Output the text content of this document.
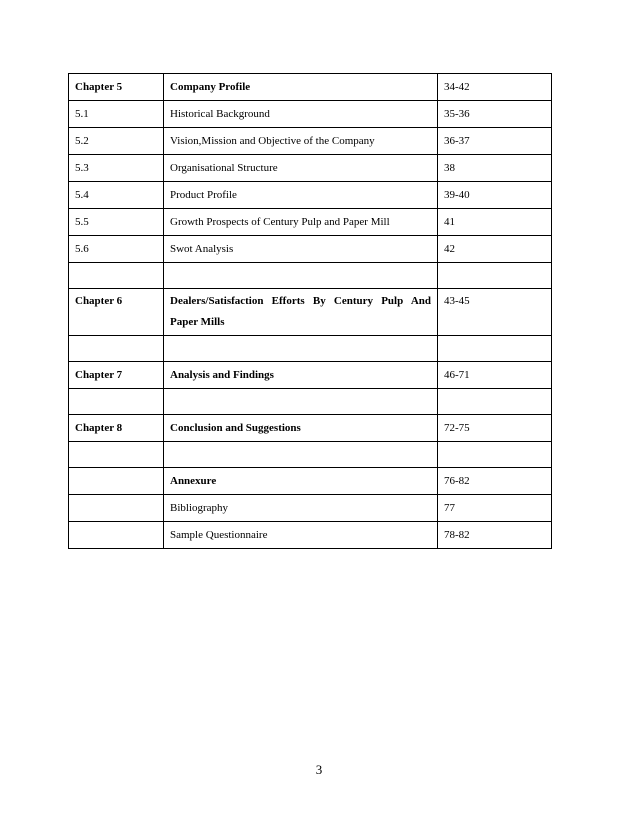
Chapter 5	Company Profile	34-42
5.1	Historical Background	35-36
5.2	Vision,Mission and Objective of the Company	36-37
5.3	Organisational Structure	38
5.4	Product Profile	39-40
5.5	Growth Prospects of Century Pulp and Paper Mill	41
5.6	Swot Analysis	42

Chapter 6	Dealers/Satisfaction Efforts By Century Pulp And Paper Mills	43-45

Chapter 7	Analysis and Findings	46-71

Chapter 8	Conclusion and Suggestions	72-75

	Annexure	76-82
	Bibliography	77
	Sample Questionnaire	78-82
3
